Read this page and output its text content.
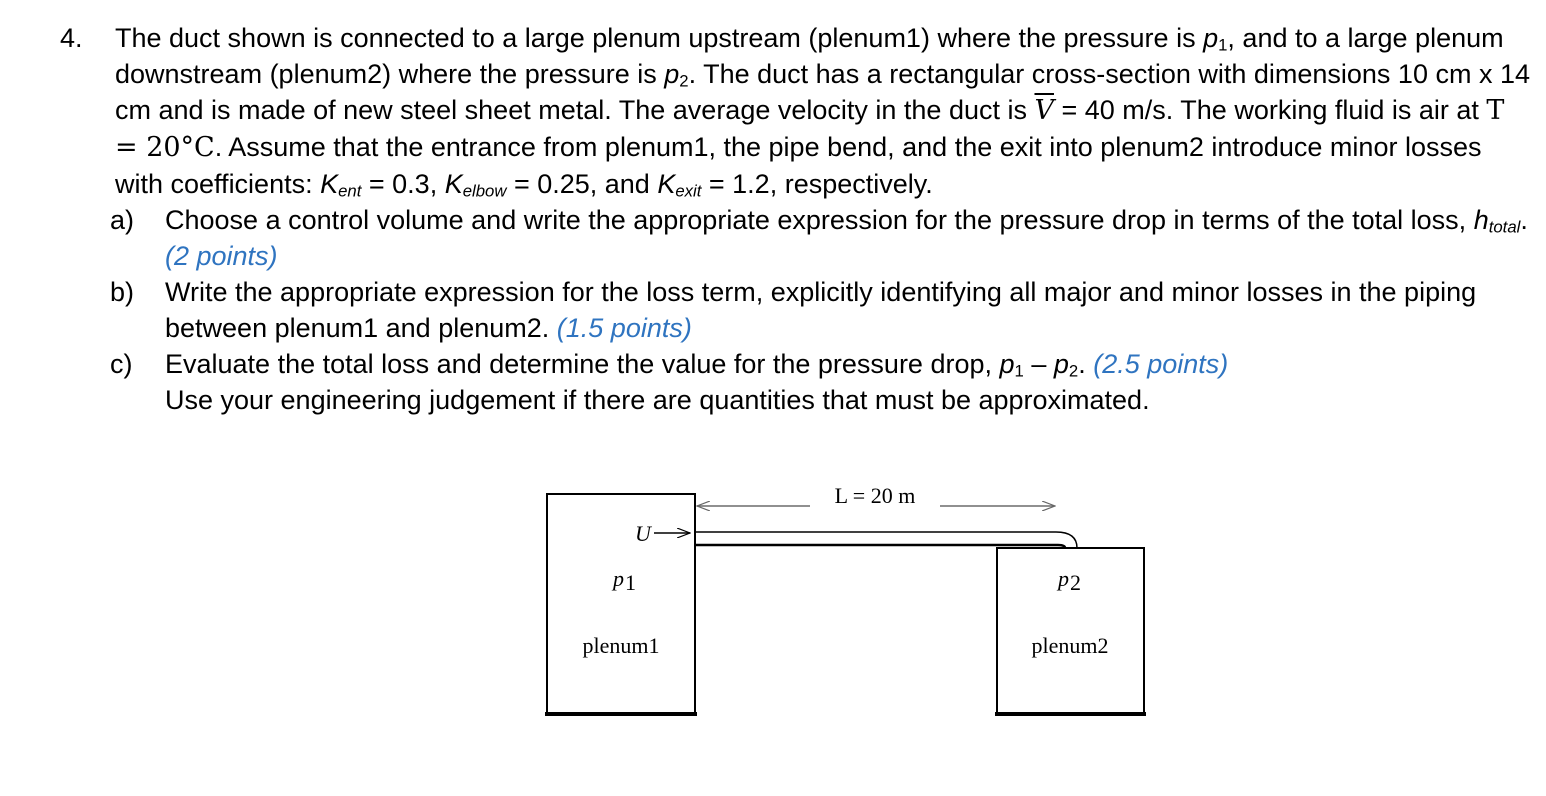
4. The duct shown is connected to a large plenum upstream (plenum1) where the pressure is p1, and to a large plenum downstream (plenum2) where the pressure is p2. The duct has a rectangular cross-section with dimensions 10 cm x 14 cm and is made of new steel sheet metal. The average velocity in the duct is $\overline{V} = 40$ m/s. The working fluid is air at T = 20°C. Assume that the entrance from plenum1, the pipe bend, and the exit into plenum2 introduce minor losses with coefficients: $K_{ent} = 0.3$, $K_{elbow} = 0.25$, and $K_{exit} = 1.2$, respectively.
a) Choose a control volume and write the appropriate expression for the pressure drop in terms of the total loss, $h_{total}$. (2 points)
b) Write the appropriate expression for the loss term, explicitly identifying all major and minor losses in the piping between plenum1 and plenum2. (1.5 points)
c) Evaluate the total loss and determine the value for the pressure drop, p1 – p2. (2.5 points)
Use your engineering judgement if there are quantities that must be approximated.
L = 20 m
U
p 1	p 2
plenum1	plenum2
